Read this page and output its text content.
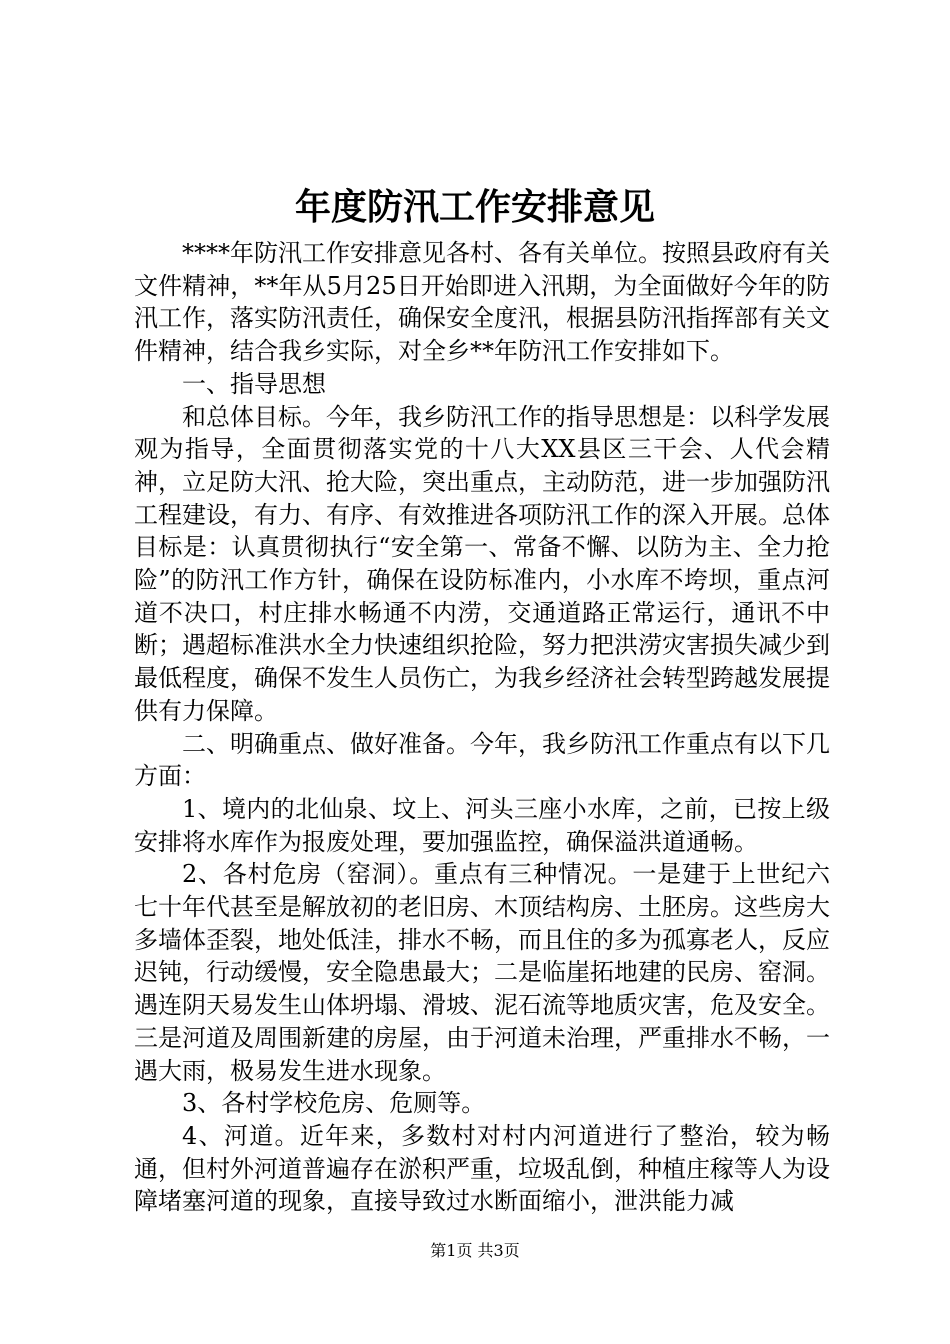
年度防汛工作安排意见

****年防汛工作安排意见各村、各有关单位。按照县政府有关文件精神，**年从5月25日开始即进入汛期，为全面做好今年的防汛工作，落实防汛责任，确保安全度汛，根据县防汛指挥部有关文件精神，结合我乡实际，对全乡**年防汛工作安排如下。

一、指导思想

和总体目标。今年，我乡防汛工作的指导思想是：以科学发展观为指导，全面贯彻落实党的十八大XX县区三干会、人代会精神，立足防大汛、抢大险，突出重点，主动防范，进一步加强防汛工程建设，有力、有序、有效推进各项防汛工作的深入开展。总体目标是：认真贯彻执行“安全第一、常备不懈、以防为主、全力抢险”的防汛工作方针，确保在设防标准内，小水库不垮坝，重点河道不决口，村庄排水畅通不内涝，交通道路正常运行，通讯不中断；遇超标准洪水全力快速组织抢险，努力把洪涝灾害损失减少到最低程度，确保不发生人员伤亡，为我乡经济社会转型跨越发展提供有力保障。

二、明确重点、做好准备。今年，我乡防汛工作重点有以下几方面：

1、境内的北仙泉、坟上、河头三座小水库，之前，已按上级安排将水库作为报废处理，要加强监控，确保溢洪道通畅。

2、各村危房（窑洞）。重点有三种情况。一是建于上世纪六七十年代甚至是解放初的老旧房、木顶结构房、土胚房。这些房大多墙体歪裂，地处低洼，排水不畅，而且住的多为孤寡老人，反应迟钝，行动缓慢，安全隐患最大；二是临崖拓地建的民房、窑洞。遇连阴天易发生山体坍塌、滑坡、泥石流等地质灾害，危及安全。三是河道及周围新建的房屋，由于河道未治理，严重排水不畅，一遇大雨，极易发生进水现象。

3、各村学校危房、危厕等。

4、河道。近年来，多数村对村内河道进行了整治，较为畅通，但村外河道普遍存在淤积严重，垃圾乱倒，种植庄稼等人为设障堵塞河道的现象，直接导致过水断面缩小，泄洪能力减

第1页 共3页
